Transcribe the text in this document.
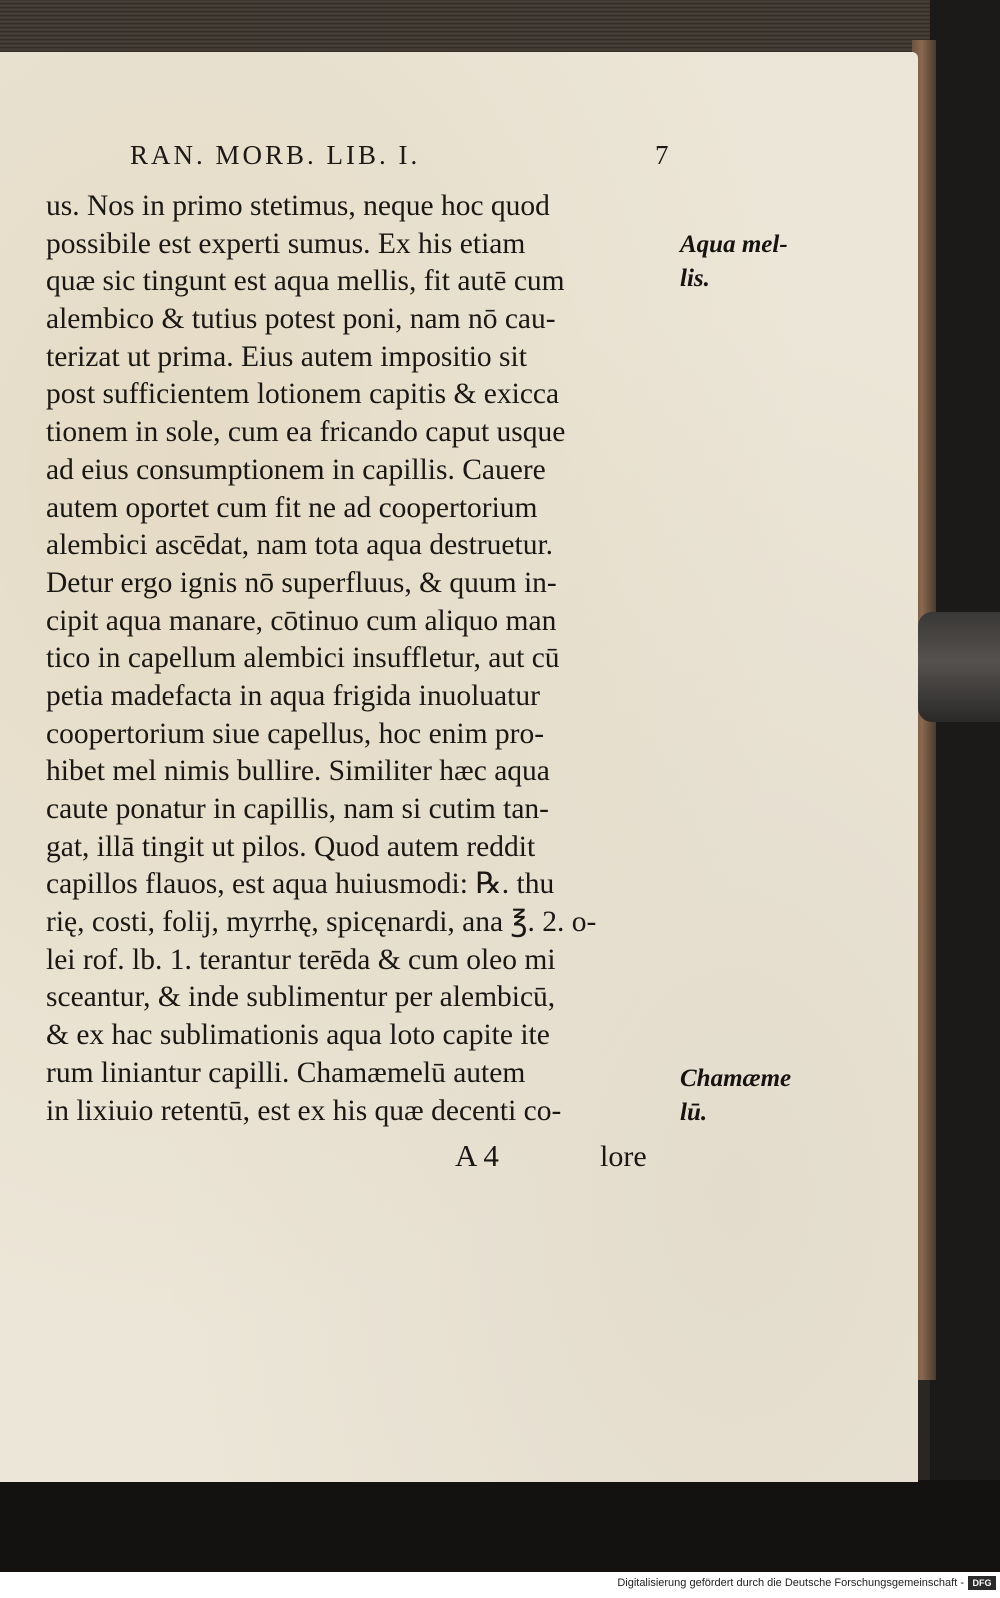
RAN. MORB. LIB. I.	7
us. Nos in primo stetimus, neque hoc quod
possibile est experti sumus. Ex his etiam
quæ sic tingunt est aqua mellis, fit autē cum
alembico & tutius potest poni, nam nō cau-
terizat ut prima. Eius autem impositio sit
post sufficientem lotionem capitis & exicca
tionem in sole, cum ea fricando caput usque
ad eius consumptionem in capillis. Cauere
autem oportet cum fit ne ad coopertorium
alembici ascēdat, nam tota aqua destruetur.
Detur ergo ignis nō superfluus, & quum in-
cipit aqua manare, cōtinuo cum aliquo man
tico in capellum alembici insuffletur, aut cū
petia madefacta in aqua frigida inuoluatur
coopertorium siue capellus, hoc enim pro-
hibet mel nimis bullire. Similiter hæc aqua
caute ponatur in capillis, nam si cutim tan-
gat, illā tingit ut pilos. Quod autem reddit
capillos flauos, est aqua huiusmodi: ℞. thu
rię, costi, folij, myrrhę, spicęnardi, ana ℥. 2. o-
lei rof. lb. 1. terantur terēda & cum oleo mi
sceantur, & inde sublimentur per alembicū,
& ex hac sublimationis aqua loto capite ite
rum liniantur capilli. Chamæmelū autem
in lixiuio retentū, est ex his quæ decenti co-
A 4	lore
Aqua mel-
lis.
Chamæme
lū.
Digitalisierung gefördert durch die Deutsche Forschungsgemeinschaft - DFG
